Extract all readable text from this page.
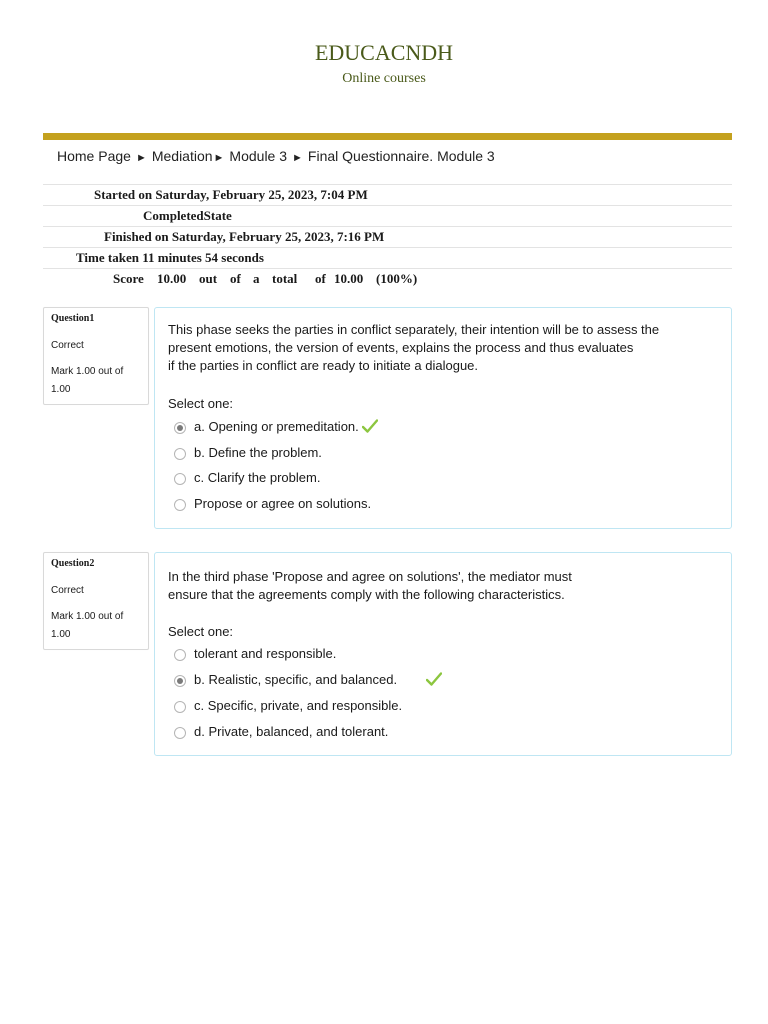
EDUCACNDH
Online courses
Home Page ► Mediation► Module 3 ► Final Questionnaire. Module 3
Started on Saturday, February 25, 2023, 7:04 PM
CompletedState
Finished on Saturday, February 25, 2023, 7:16 PM
Time taken 11 minutes 54 seconds
Score 10.00 out of a total of 10.00 (100%)
Question1
Correct
Mark 1.00 out of 1.00
This phase seeks the parties in conflict separately, their intention will be to assess the
present emotions, the version of events, explains the process and thus evaluates
if the parties in conflict are ready to initiate a dialogue.
Select one:
a. Opening or premeditation.
b. Define the problem.
c. Clarify the problem.
Propose or agree on solutions.
Question2
Correct
Mark 1.00 out of 1.00
In the third phase 'Propose and agree on solutions', the mediator must
ensure that the agreements comply with the following characteristics.
Select one:
tolerant and responsible.
b. Realistic, specific, and balanced.
c. Specific, private, and responsible.
d. Private, balanced, and tolerant.
